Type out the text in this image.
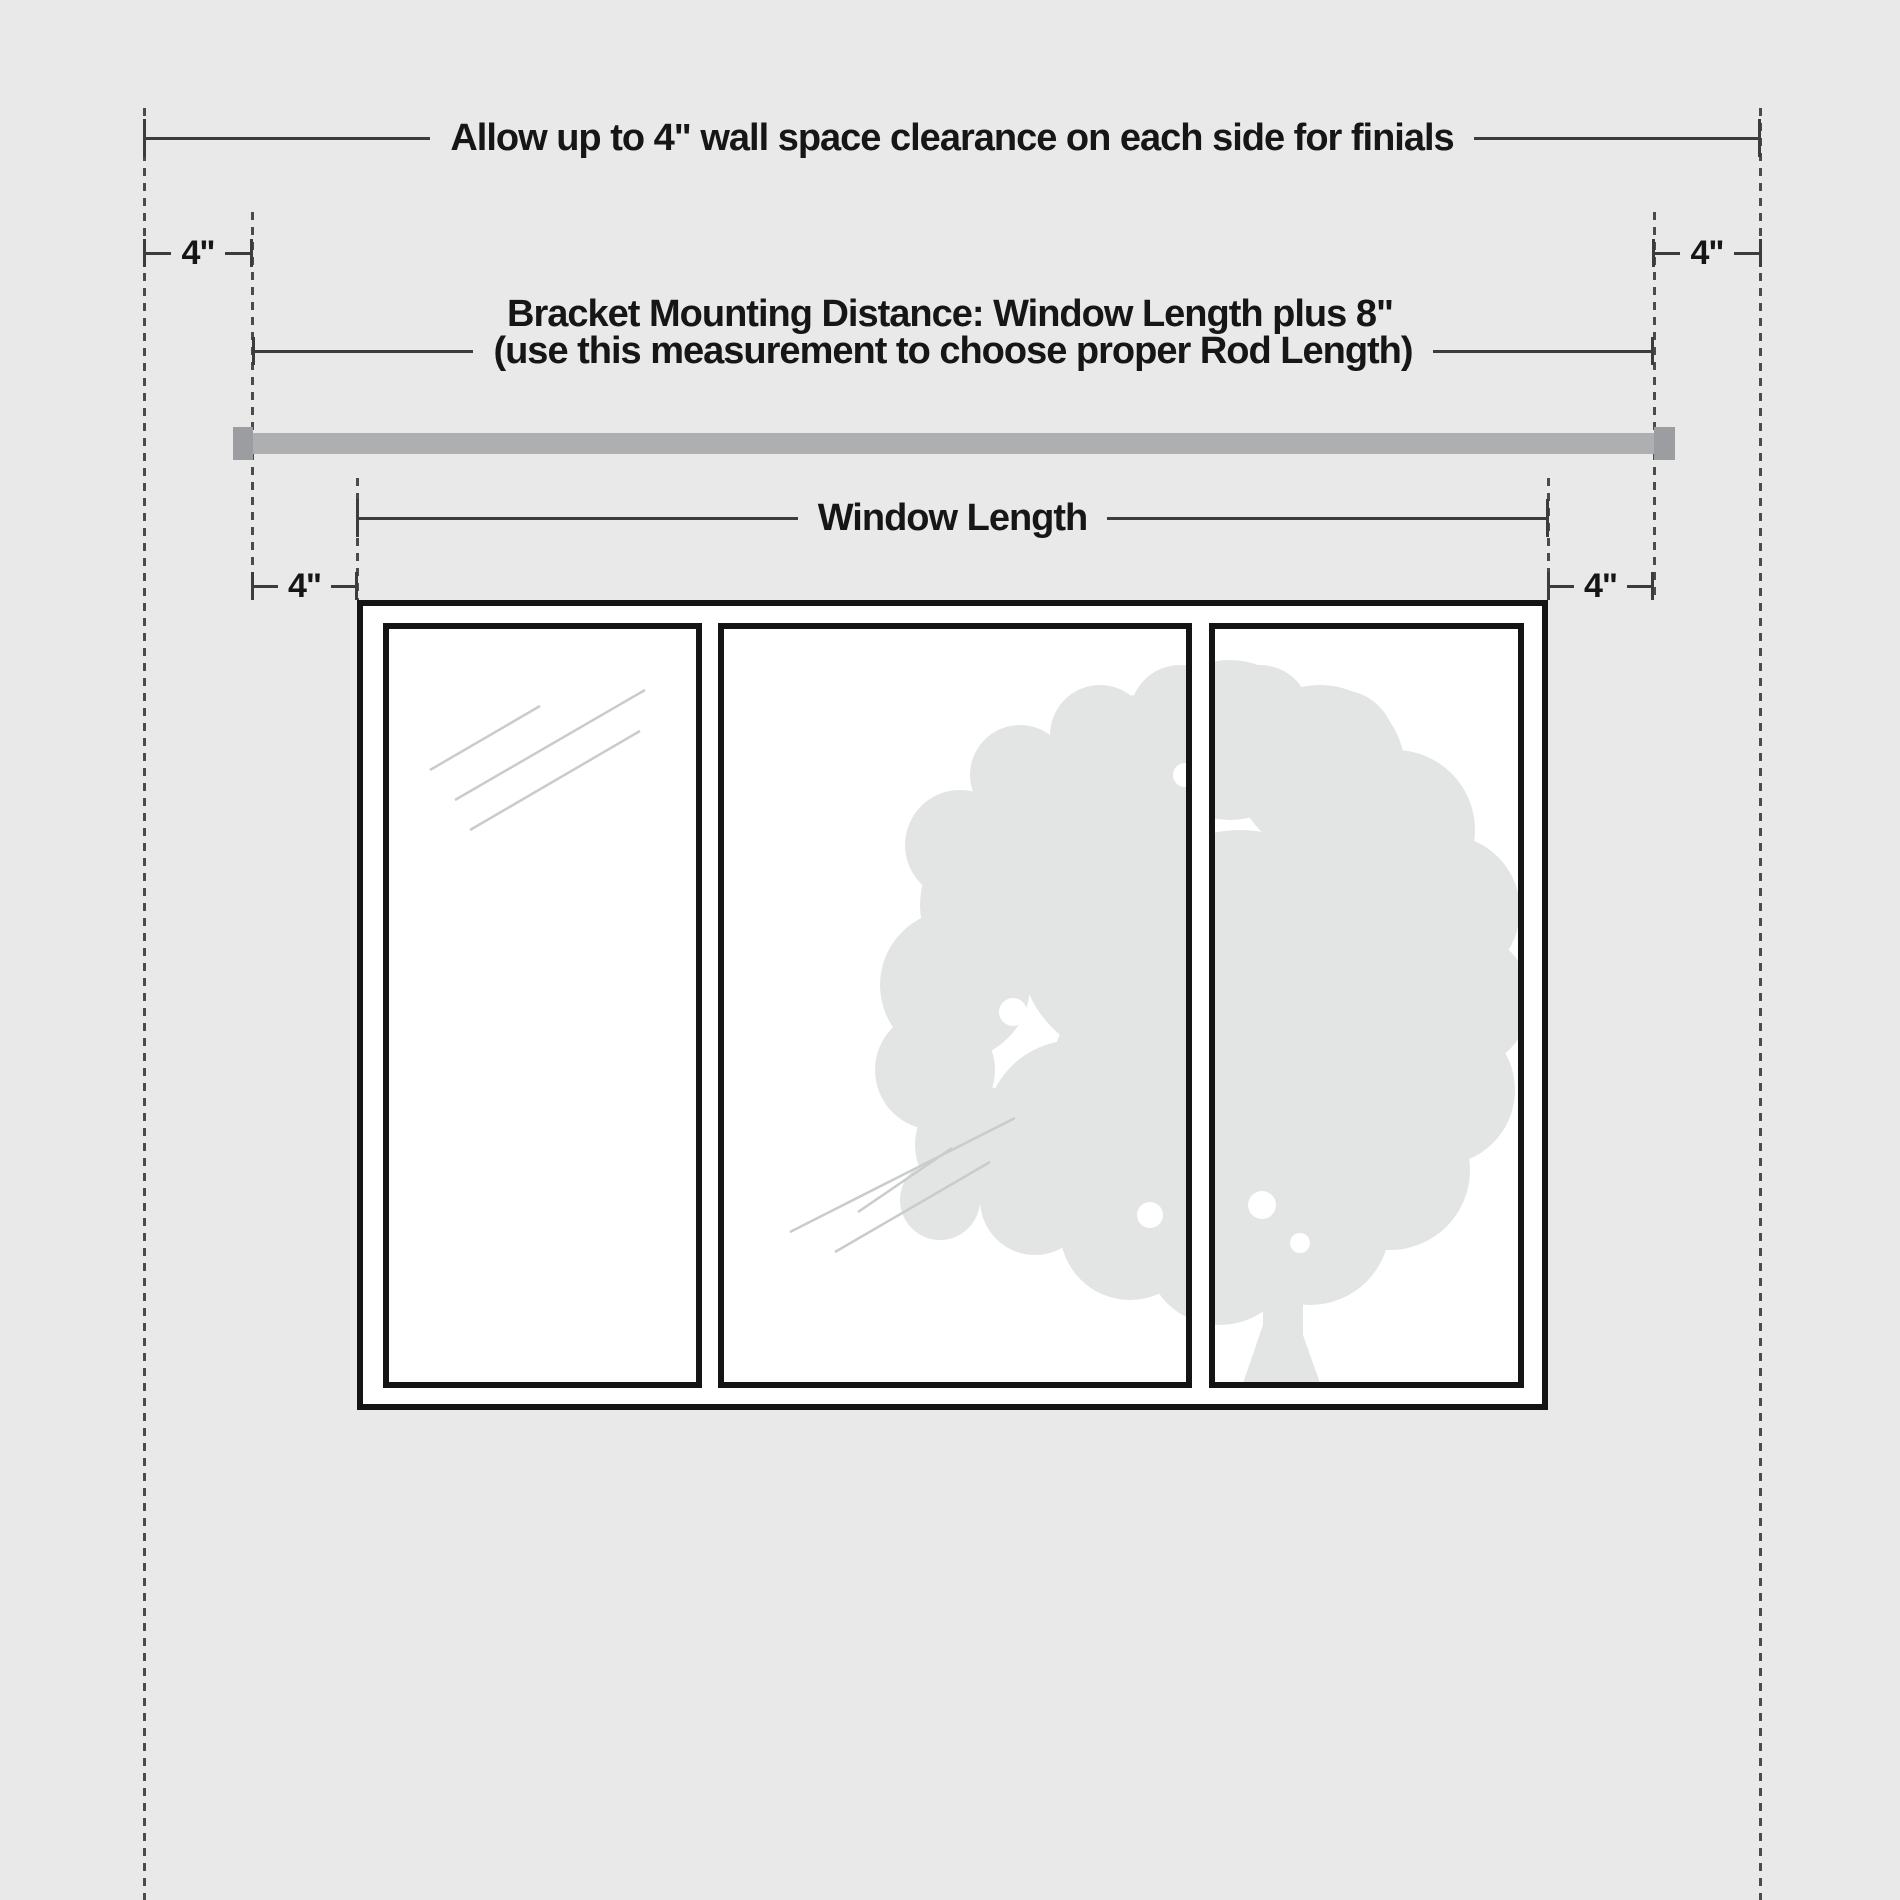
Allow up to 4" wall space clearance on each side for finials
4"	4"
Bracket Mounting Distance: Window Length plus 8"
(use this measurement to choose proper Rod Length)
Window Length
4"	4"
